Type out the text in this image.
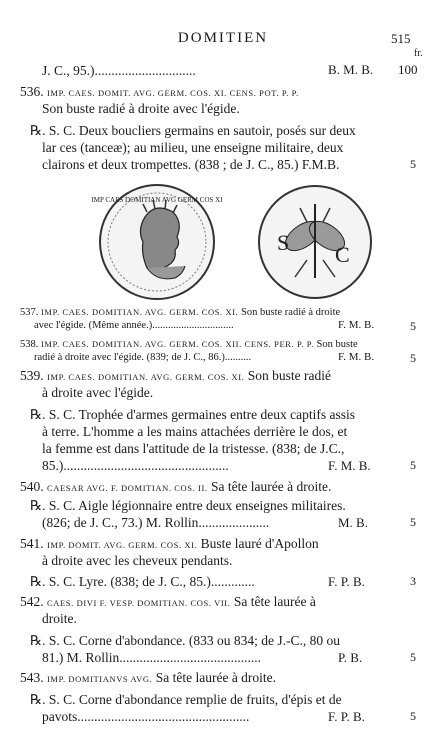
DOMITIEN	515
fr.
J. C., 95.)..............................	B. M. B. 100
536. IMP. CAES. DOMIT. AVG. GERM. COS. XI. CENS. POT. P. P.
Son buste radié à droite avec l'égide.
℞. S. C. Deux boucliers germains en sautoir, posés sur deux
lar ces (tanceæ); au milieu, une enseigne militaire, deux
clairons et deux trompettes. (838 ; de J. C., 85.) F.M.B.	5
IMP CAES DOMITIAN AVG GERM COS XI
S C
537. IMP. CAES. DOMITIAN. AVG. GERM. COS. XI. Son buste radié à droite
avec l'égide. (Même année.)...............................	F. M. B.	5
538. IMP. CAES. DOMITIAN. AVG. GERM. COS. XII. CENS. PER. P. P. Son buste
radié à droite avec l'égide. (839; de J. C., 86.)..........	F. M. B.	5
539. IMP. CAES. DOMITIAN. AVG. GERM. COS. XI. Son buste radié
à droite avec l'égide.
℞. S. C. Trophée d'armes germaines entre deux captifs assis
à terre. L'homme a les mains attachées derrière le dos, et
la femme est dans l'attitude de la tristesse. (838; de J.C.,
85.).................................................	F. M. B.	5
540. CAESAR AVG. F. DOMITIAN. COS. II. Sa tête laurée à droite.
℞. S. C. Aigle légionnaire entre deux enseignes militaires.
(826; de J. C., 73.) M. Rollin.....................	M. B.	5
541. IMP. DOMIT. AVG. GERM. COS. XI. Buste lauré d'Apollon
à droite avec les cheveux pendants.
℞. S. C. Lyre. (838; de J. C., 85.).............	F. P. B.	3
542. CAES. DIVI F. VESP. DOMITIAN. COS. VII. Sa tête laurée à
droite.
℞. S. C. Corne d'abondance. (833 ou 834; de J.-C., 80 ou
81.) M. Rollin..........................................	P. B.	5
543. IMP. DOMITIANVS AVG. Sa tête laurée à droite.
℞. S. C. Corne d'abondance remplie de fruits, d'épis et de
pavots...................................................	F. P. B.	5
